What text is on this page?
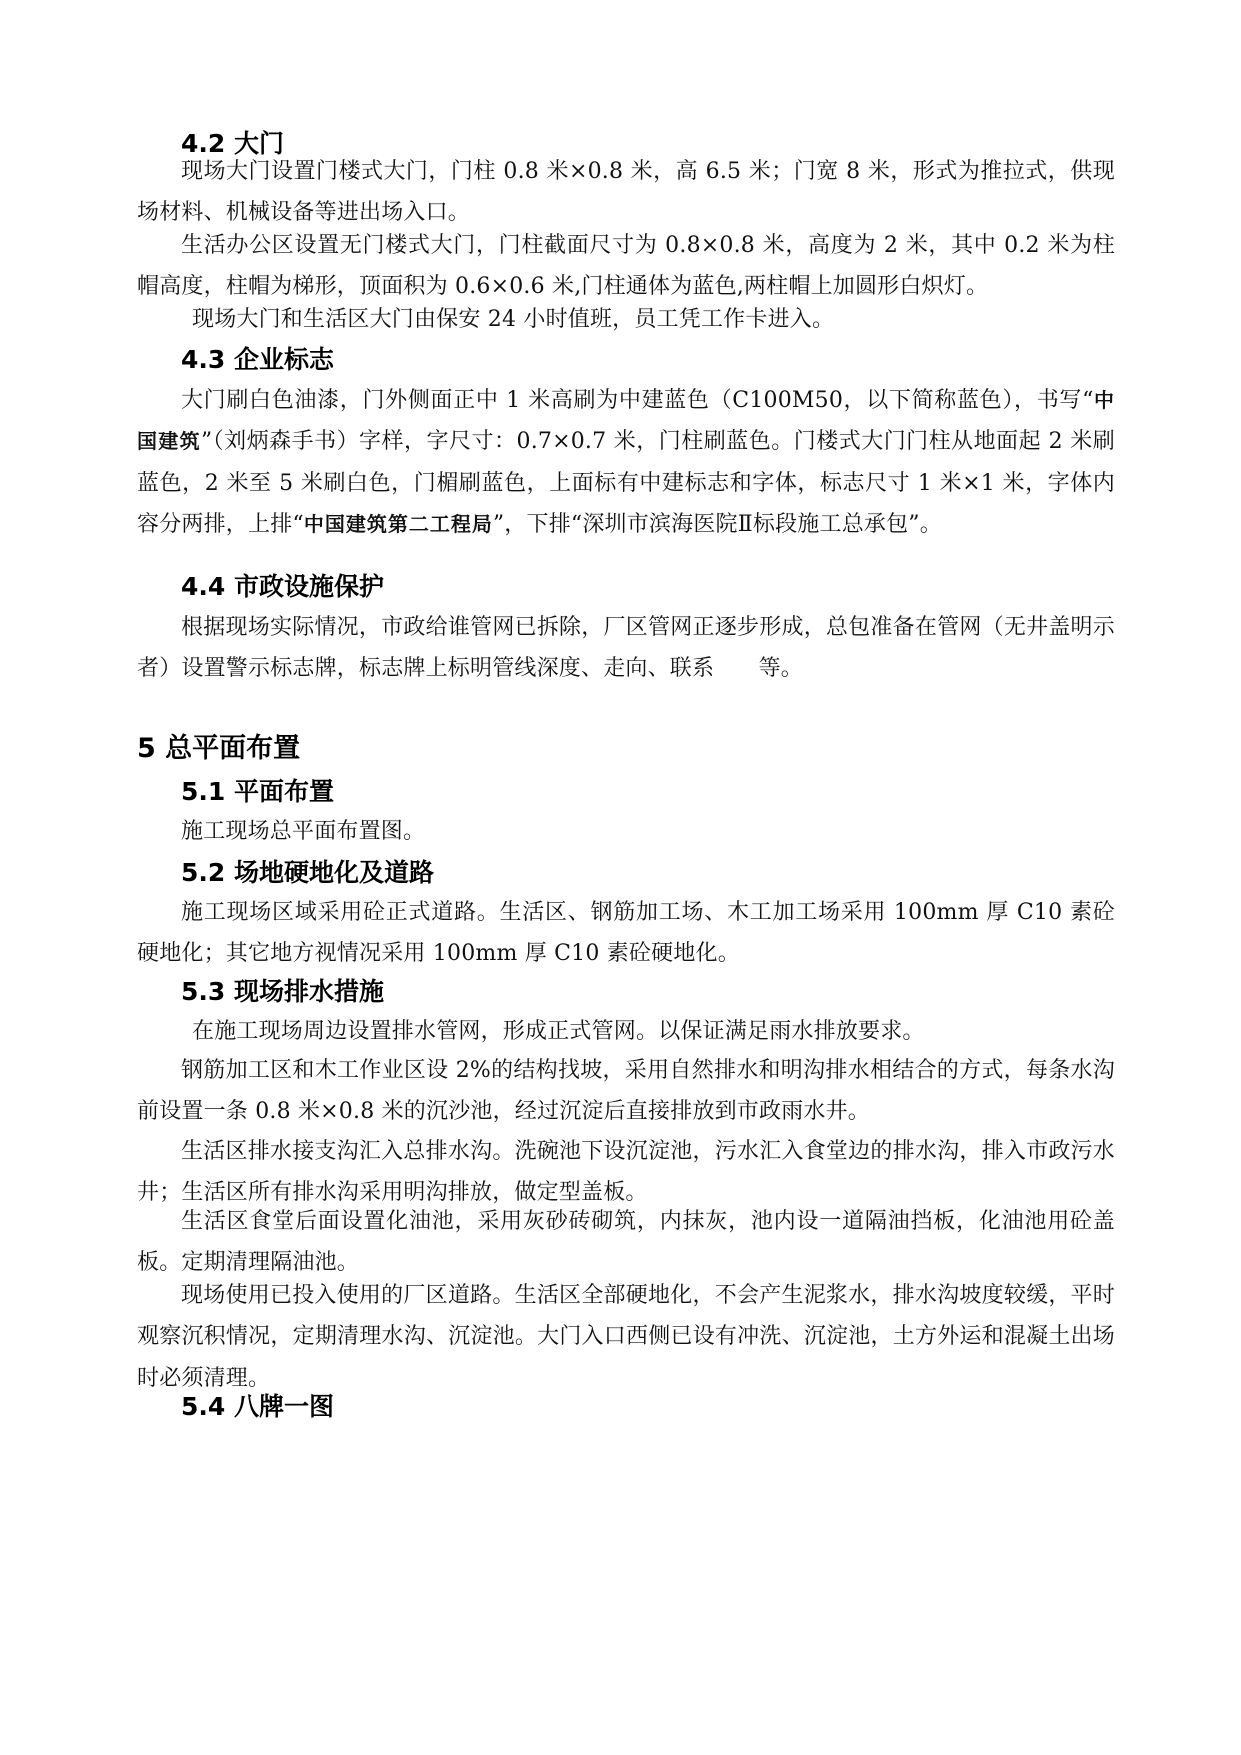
4.2 大门

现场大门设置门楼式大门，门柱 0.8 米×0.8 米，高 6.5 米；门宽 8 米，形式为推拉式，供现场材料、机械设备等进出场入口。

生活办公区设置无门楼式大门，门柱截面尺寸为 0.8×0.8 米，高度为 2 米，其中 0.2 米为柱帽高度，柱帽为梯形，顶面积为 0.6×0.6 米,门柱通体为蓝色,两柱帽上加圆形白炽灯。

现场大门和生活区大门由保安 24 小时值班，员工凭工作卡进入。

4.3 企业标志

大门刷白色油漆，门外侧面正中 1 米高刷为中建蓝色（C100M50，以下简称蓝色），书写“中国建筑”（刘炳森手书）字样，字尺寸：0.7×0.7 米，门柱刷蓝色。门楼式大门门柱从地面起 2 米刷蓝色，2 米至 5 米刷白色，门楣刷蓝色，上面标有中建标志和字体，标志尺寸 1 米×1 米，字体内容分两排，上排“中国建筑第二工程局”，下排“深圳市滨海医院Ⅱ标段施工总承包”。

4.4 市政设施保护

根据现场实际情况，市政给谁管网已拆除，厂区管网正逐步形成，总包准备在管网（无井盖明示者）设置警示标志牌，标志牌上标明管线深度、走向、联系　　等。

5 总平面布置
5.1 平面布置

施工现场总平面布置图。

5.2 场地硬地化及道路

施工现场区域采用砼正式道路。生活区、钢筋加工场、木工加工场采用 100mm 厚 C10 素砼硬地化；其它地方视情况采用 100mm 厚 C10 素砼硬地化。

5.3 现场排水措施

在施工现场周边设置排水管网，形成正式管网。以保证满足雨水排放要求。

钢筋加工区和木工作业区设 2%的结构找坡，采用自然排水和明沟排水相结合的方式，每条水沟前设置一条 0.8 米×0.8 米的沉沙池，经过沉淀后直接排放到市政雨水井。

生活区排水接支沟汇入总排水沟。洗碗池下设沉淀池，污水汇入食堂边的排水沟，排入市政污水井；生活区所有排水沟采用明沟排放，做定型盖板。

生活区食堂后面设置化油池，采用灰砂砖砌筑，内抹灰，池内设一道隔油挡板，化油池用砼盖板。定期清理隔油池。

现场使用已投入使用的厂区道路。生活区全部硬地化，不会产生泥浆水，排水沟坡度较缓，平时观察沉积情况，定期清理水沟、沉淀池。大门入口西侧已设有冲洗、沉淀池，土方外运和混凝土出场时必须清理。

5.4 八牌一图
